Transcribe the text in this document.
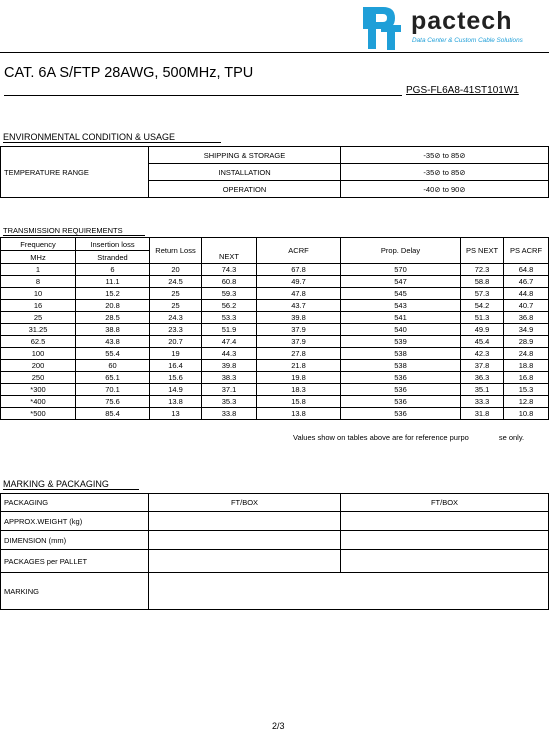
pactech
Data Center & Custom Cable Solutions
CAT. 6A S/FTP 28AWG, 500MHz, TPU
PGS-FL6A8-41ST101W1
ENVIRONMENTAL CONDITION & USAGE
TEMPERATURE RANGE	SHIPPING & STORAGE	-35⊘ to 85⊘
	INSTALLATION	-35⊘ to 85⊘
	OPERATION	-40⊘ to 90⊘
TRANSMISSION REQUIREMENTS
Frequency	Insertion loss	Return Loss	NEXT	ACRF	Prop. Delay	PS NEXT	PS ACRF
MHz	Stranded						
1	6	20	74.3	67.8	570	72.3	64.8
8	11.1	24.5	60.8	49.7	547	58.8	46.7
10	15.2	25	59.3	47.8	545	57.3	44.8
16	20.8	25	56.2	43.7	543	54.2	40.7
25	28.5	24.3	53.3	39.8	541	51.3	36.8
31.25	38.8	23.3	51.9	37.9	540	49.9	34.9
62.5	43.8	20.7	47.4	37.9	539	45.4	28.9
100	55.4	19	44.3	27.8	538	42.3	24.8
200	60	16.4	39.8	21.8	538	37.8	18.8
250	65.1	15.6	38.3	19.8	536	36.3	16.8
*300	70.1	14.9	37.1	18.3	536	35.1	15.3
*400	75.6	13.8	35.3	15.8	536	33.3	12.8
*500	85.4	13	33.8	13.8	536	31.8	10.8
Values show on tables above are for reference purpo	se only.
MARKING & PACKAGING
PACKAGING	FT/BOX	FT/BOX
APPROX.WEIGHT (kg)		
DIMENSION (mm)		
PACKAGES per PALLET		
MARKING		
2/3
